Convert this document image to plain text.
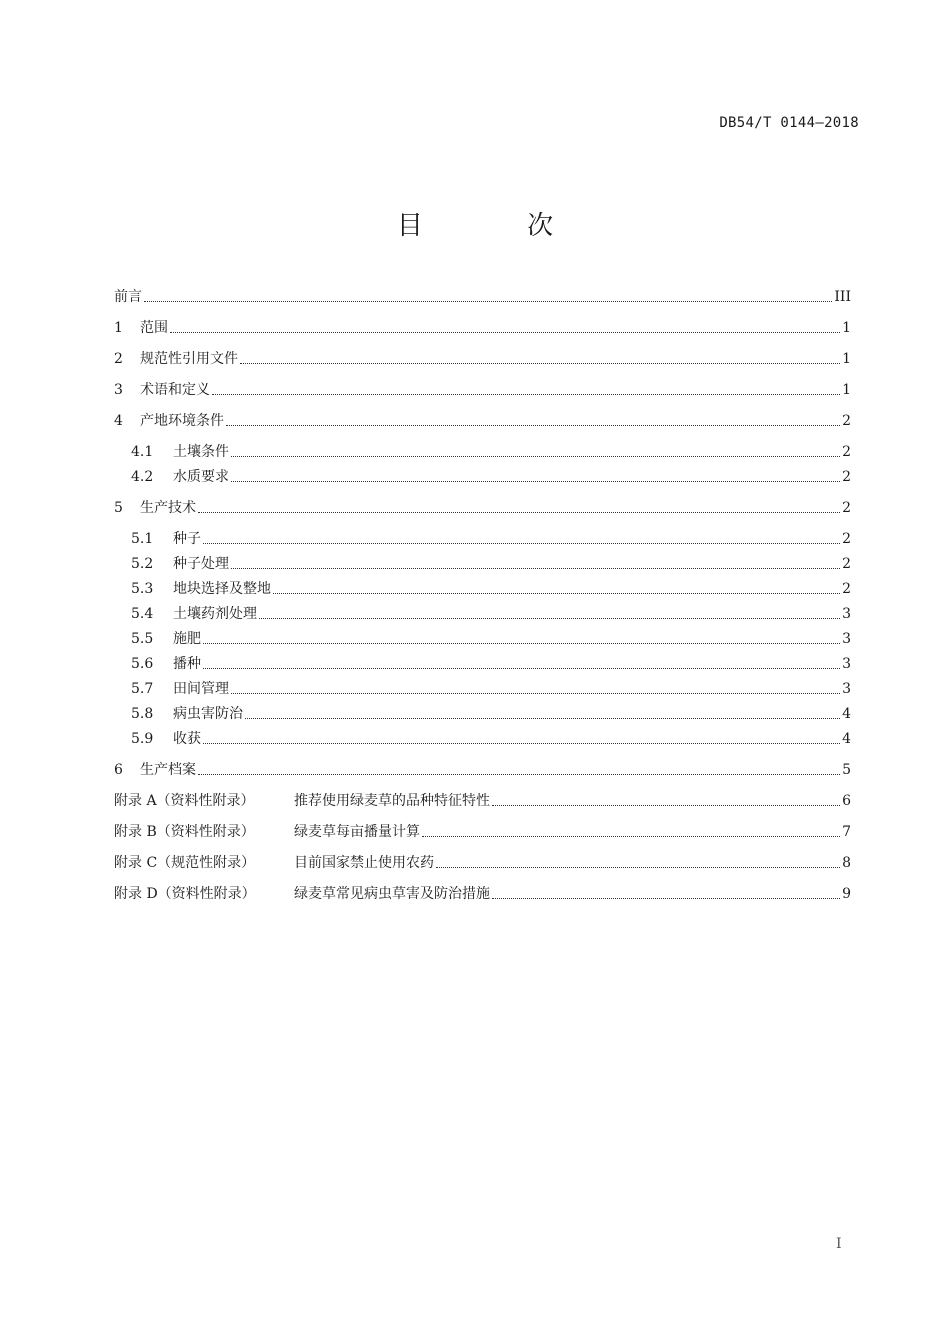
DB54/T 0144—2018
目 次
前言	III
1	范围	1
2	规范性引用文件	1
3	术语和定义	1
4	产地环境条件	2
4.1	土壤条件	2
4.2	水质要求	2
5	生产技术	2
5.1	种子	2
5.2	种子处理	2
5.3	地块选择及整地	2
5.4	土壤药剂处理	3
5.5	施肥	3
5.6	播种	3
5.7	田间管理	3
5.8	病虫害防治	4
5.9	收获	4
6	生产档案	5
附录 A（资料性附录）	推荐使用绿麦草的品种特征特性	6
附录 B（资料性附录）	绿麦草每亩播量计算	7
附录 C（规范性附录）	目前国家禁止使用农药	8
附录 D（资料性附录）	绿麦草常见病虫草害及防治措施	9
I
